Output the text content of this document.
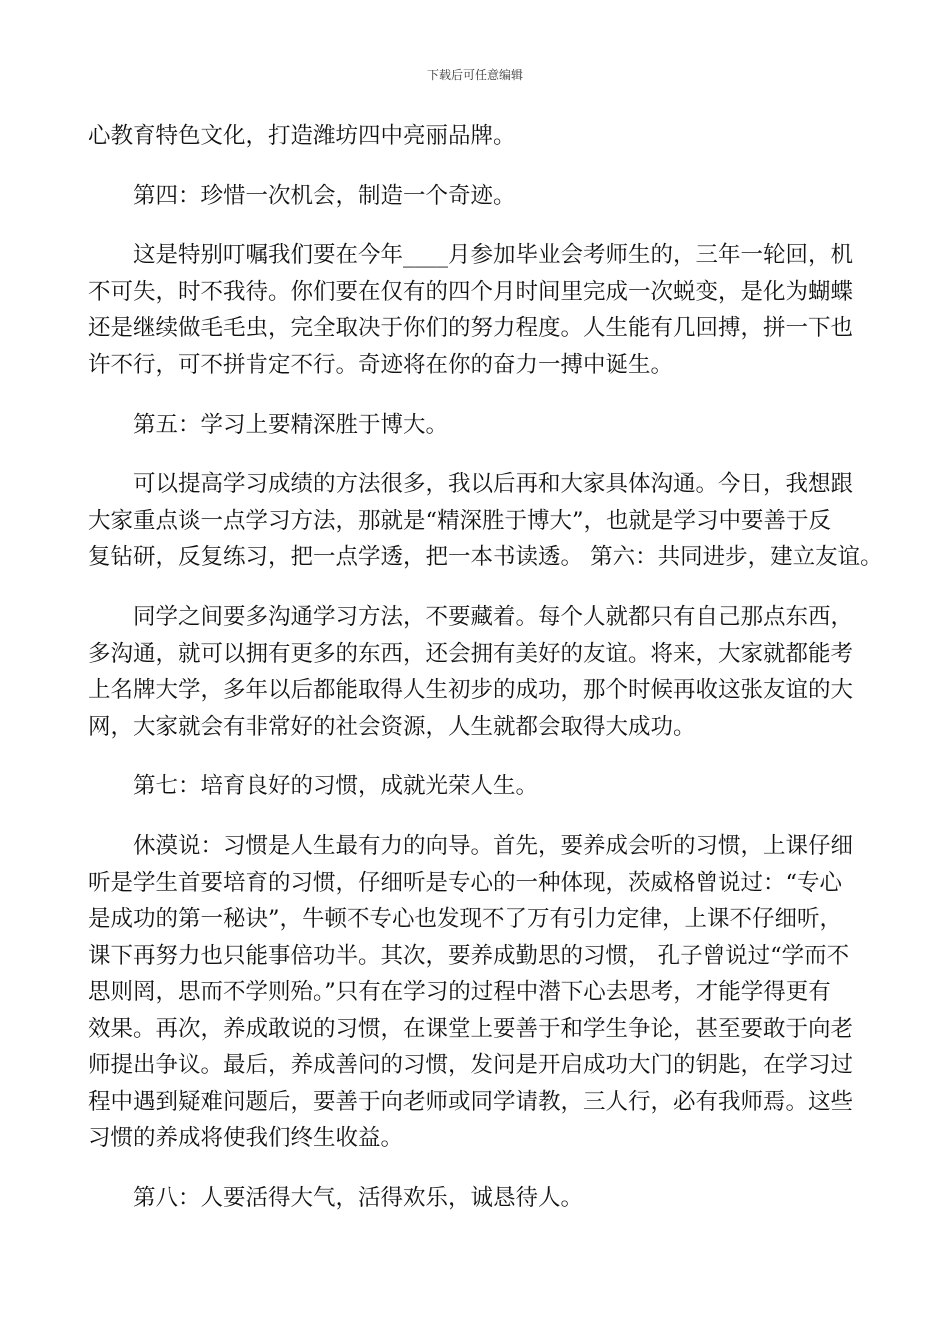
下载后可任意编辑
心教育特色文化，打造潍坊四中亮丽品牌。
第四：珍惜一次机会，制造一个奇迹。
这是特别叮嘱我们要在今年____月参加毕业会考师生的，三年一轮回，机
不可失，时不我待。你们要在仅有的四个月时间里完成一次蜕变，是化为蝴蝶
还是继续做毛毛虫，完全取决于你们的努力程度。人生能有几回搏，拼一下也
许不行，可不拼肯定不行。奇迹将在你的奋力一搏中诞生。
第五：学习上要精深胜于博大。
可以提高学习成绩的方法很多，我以后再和大家具体沟通。今日，我想跟
大家重点谈一点学习方法，那就是“精深胜于博大”，也就是学习中要善于反
复钻研，反复练习，把一点学透，把一本书读透。 第六：共同进步，建立友谊。
同学之间要多沟通学习方法，不要藏着。每个人就都只有自己那点东西，
多沟通，就可以拥有更多的东西，还会拥有美好的友谊。将来，大家就都能考
上名牌大学，多年以后都能取得人生初步的成功，那个时候再收这张友谊的大
网，大家就会有非常好的社会资源，人生就都会取得大成功。
第七：培育良好的习惯，成就光荣人生。
休漠说：习惯是人生最有力的向导。首先，要养成会听的习惯，上课仔细
听是学生首要培育的习惯，仔细听是专心的一种体现，茨威格曾说过：“专心
是成功的第一秘诀”，牛顿不专心也发现不了万有引力定律，上课不仔细听，
课下再努力也只能事倍功半。其次，要养成勤思的习惯， 孔子曾说过“学而不
思则罔，思而不学则殆。”只有在学习的过程中潜下心去思考，才能学得更有
效果。再次，养成敢说的习惯，在课堂上要善于和学生争论，甚至要敢于向老
师提出争议。最后，养成善问的习惯，发问是开启成功大门的钥匙，在学习过
程中遇到疑难问题后，要善于向老师或同学请教，三人行，必有我师焉。这些
习惯的养成将使我们终生收益。
第八：人要活得大气，活得欢乐，诚恳待人。
